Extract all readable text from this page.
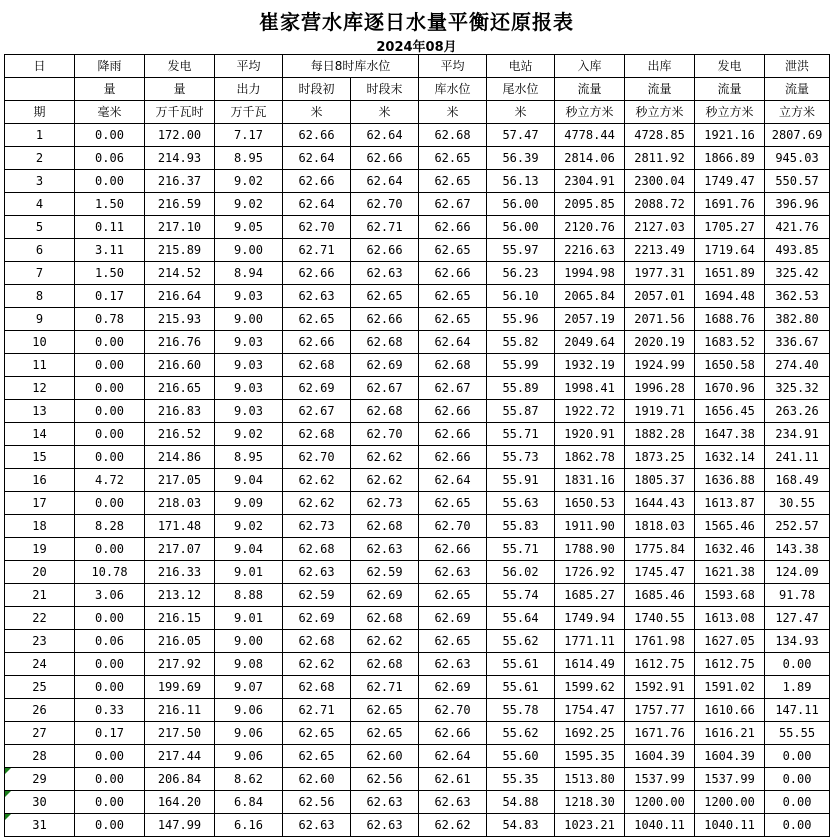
崔家营水库逐日水量平衡还原报表
2024年08月
日	降雨	发电	平均	每日8时库水位		平均	电站	入库	出库	发电	泄洪
	量	量	出力	时段初	时段末	库水位	尾水位	流量	流量	流量	流量
期	毫米	万千瓦时	万千瓦	米	米	米	米	秒立方米	秒立方米	秒立方米	立方米
1	0.00	172.00	7.17	62.66	62.64	62.68	57.47	4778.44	4728.85	1921.16	2807.69
2	0.06	214.93	8.95	62.64	62.66	62.65	56.39	2814.06	2811.92	1866.89	945.03
3	0.00	216.37	9.02	62.66	62.64	62.65	56.13	2304.91	2300.04	1749.47	550.57
4	1.50	216.59	9.02	62.64	62.70	62.67	56.00	2095.85	2088.72	1691.76	396.96
5	0.11	217.10	9.05	62.70	62.71	62.66	56.00	2120.76	2127.03	1705.27	421.76
6	3.11	215.89	9.00	62.71	62.66	62.65	55.97	2216.63	2213.49	1719.64	493.85
7	1.50	214.52	8.94	62.66	62.63	62.66	56.23	1994.98	1977.31	1651.89	325.42
8	0.17	216.64	9.03	62.63	62.65	62.65	56.10	2065.84	2057.01	1694.48	362.53
9	0.78	215.93	9.00	62.65	62.66	62.65	55.96	2057.19	2071.56	1688.76	382.80
10	0.00	216.76	9.03	62.66	62.68	62.64	55.82	2049.64	2020.19	1683.52	336.67
11	0.00	216.60	9.03	62.68	62.69	62.68	55.99	1932.19	1924.99	1650.58	274.40
12	0.00	216.65	9.03	62.69	62.67	62.67	55.89	1998.41	1996.28	1670.96	325.32
13	0.00	216.83	9.03	62.67	62.68	62.66	55.87	1922.72	1919.71	1656.45	263.26
14	0.00	216.52	9.02	62.68	62.70	62.66	55.71	1920.91	1882.28	1647.38	234.91
15	0.00	214.86	8.95	62.70	62.62	62.66	55.73	1862.78	1873.25	1632.14	241.11
16	4.72	217.05	9.04	62.62	62.62	62.64	55.91	1831.16	1805.37	1636.88	168.49
17	0.00	218.03	9.09	62.62	62.73	62.65	55.63	1650.53	1644.43	1613.87	30.55
18	8.28	171.48	9.02	62.73	62.68	62.70	55.83	1911.90	1818.03	1565.46	252.57
19	0.00	217.07	9.04	62.68	62.63	62.66	55.71	1788.90	1775.84	1632.46	143.38
20	10.78	216.33	9.01	62.63	62.59	62.63	56.02	1726.92	1745.47	1621.38	124.09
21	3.06	213.12	8.88	62.59	62.69	62.65	55.74	1685.27	1685.46	1593.68	91.78
22	0.00	216.15	9.01	62.69	62.68	62.69	55.64	1749.94	1740.55	1613.08	127.47
23	0.06	216.05	9.00	62.68	62.62	62.65	55.62	1771.11	1761.98	1627.05	134.93
24	0.00	217.92	9.08	62.62	62.68	62.63	55.61	1614.49	1612.75	1612.75	0.00
25	0.00	199.69	9.07	62.68	62.71	62.69	55.61	1599.62	1592.91	1591.02	1.89
26	0.33	216.11	9.06	62.71	62.65	62.70	55.78	1754.47	1757.77	1610.66	147.11
27	0.17	217.50	9.06	62.65	62.65	62.66	55.62	1692.25	1671.76	1616.21	55.55
28	0.00	217.44	9.06	62.65	62.60	62.64	55.60	1595.35	1604.39	1604.39	0.00

29	0.00	206.84	8.62	62.60	62.56	62.61	55.35	1513.80	1537.99	1537.99	0.00

30	0.00	164.20	6.84	62.56	62.63	62.63	54.88	1218.30	1200.00	1200.00	0.00

31	0.00	147.99	6.16	62.63	62.63	62.62	54.83	1023.21	1040.11	1040.11	0.00
